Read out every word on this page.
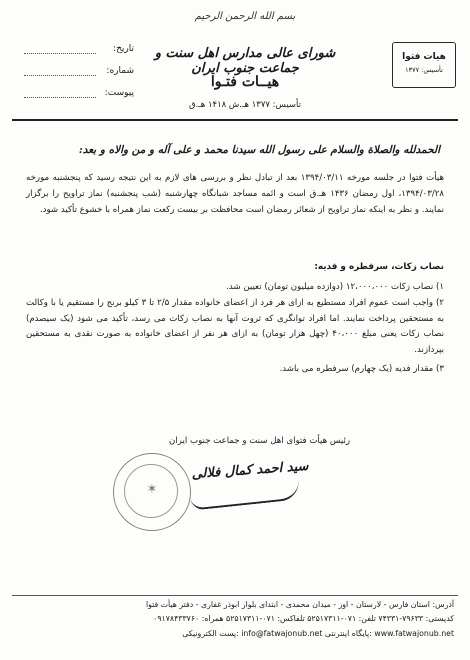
هیات فتوا
تأسیس: ۱۳۷۷
بسم الله الرحمن الرحیم
شورای عالی مدارس اهل سنت و جماعت جنوب ایران
هیــات فتـوا
تأسیس: ۱۳۷۷ هـ.ش ۱۴۱۸ هـ.ق
تاریخ:
شماره:
پیوست:
الحمدلله والصلاة والسلام علی رسول الله سیدنا محمد و علی آله و من والاه و بعد:
هیأت فتوا در جلسه مورخه ۱۳۹۴/۰۳/۱۱ بعد از تبادل نظر و بررسی های لازم به این نتیجه رسید که پنجشنبه مورخه ۱۳۹۴/۰۳/۲۸، اول رمضان ۱۴۳۶ هـ.ق است و ائمه مساجد شبانگاه چهارشنبه (شب پنجشنبه) نماز تراویح را برگزار نمایند. و نظر به اینکه نماز تراویح از شعائر رمضان است محافظت بر بیست رکعت نماز همراه با خشوع تأکید شود.
نصاب زکات، سرفطره و فدیه:
۱) نصاب زکات ۱۲،۰۰۰،۰۰۰ (دوازده میلیون تومان) تعیین شد.
۲) واجب است عموم افراد مستطیع به ازای هر فرد از اعضای خانواده مقدار ۲/۵ تا ۳ کیلو برنج را مستقیم یا با وکالت به مستحقین پرداخت نمایند. اما افراد توانگری که ثروت آنها به نصاب زکات می رسد، تأکید می شود (یک سیصدم) نصاب زکات یعنی مبلغ ۴۰،۰۰۰ (چهل هزار تومان) به ازای هر نفر از اعضای خانواده به صورت نقدی به مستحقین بپردازند.
۳) مقدار فدیه (یک چهارم) سرفطره می باشد.
رئیس هیأت فتوای اهل سنت و جماعت جنوب ایران
✶
سید احمد کمال فلالی
آدرس: استان فارس - لارستان - اوز - میدان محمدی - ابتدای بلوار ابوذر غفاری - دفتر هیأت فتوا
کدپستی: ۷۹۶۳۳-۷۴۳۳۱ تلفن: ۰۷۱-۵۲۵۱۷۳۱۱ تلفاکس: ۰۷۱-۵۲۵۱۷۳۱۱ همراه: ۰۹۱۷۸۴۳۳۷۶۰
www.fatwajonub.net :پایگاه اینترنتی info@fatwajonub.net :پست الکترونیکی
